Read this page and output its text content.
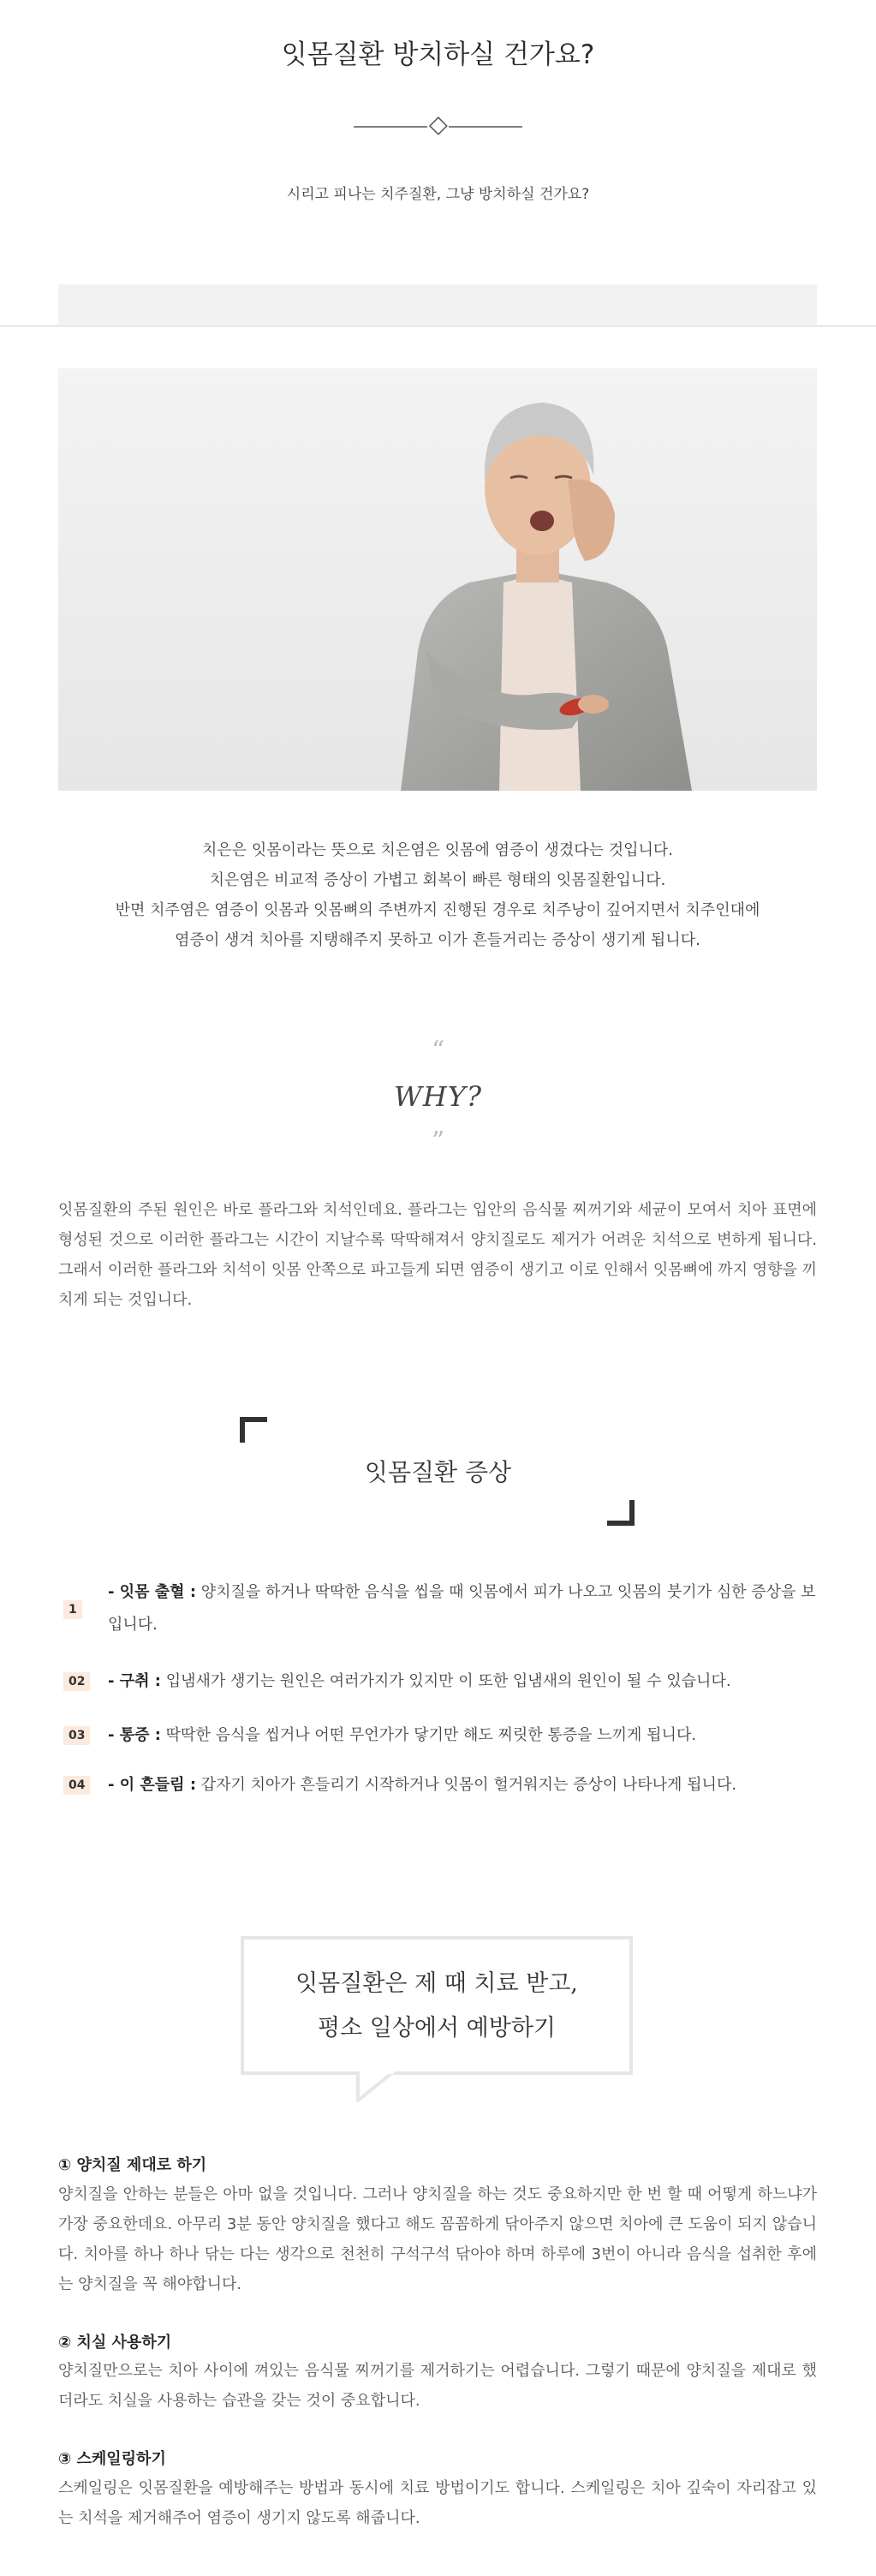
잇몸질환 방치하실 건가요?

시리고 피나는 치주질환, 그냥 방치하실 건가요?

치은은 잇몸이라는 뜻으로 치은염은 잇몸에 염증이 생겼다는 것입니다.

치은염은 비교적 증상이 가볍고 회복이 빠른 형태의 잇몸질환입니다.

반면 치주염은 염증이 잇몸과 잇몸뼈의 주변까지 진행된 경우로 치주낭이 깊어지면서 치주인대에

염증이 생겨 치아를 지탱해주지 못하고 이가 흔들거리는 증상이 생기게 됩니다.

“
WHY?
”

잇몸질환의 주된 원인은 바로 플라그와 치석인데요. 플라그는 입안의 음식물 찌꺼기와 세균이 모여서 치아 표면에 형성된 것으로 이러한 플라그는 시간이 지날수록 딱딱해져서 양치질로도 제거가 어려운 치석으로 변하게 됩니다. 그래서 이러한 플라그와 치석이 잇몸 안쪽으로 파고들게 되면 염증이 생기고 이로 인해서 잇몸뼈에 까지 영향을 끼치게 되는 것입니다.

잇몸질환 증상
1
- 잇몸 출혈 : 양치질을 하거나 딱딱한 음식을 씹을 때 잇몸에서 피가 나오고 잇몸의 붓기가 심한 증상을 보입니다.
02	- 구취 : 입냄새가 생기는 원인은 여러가지가 있지만 이 또한 입냄새의 원인이 될 수 있습니다.
03	- 통증 : 딱딱한 음식을 씹거나 어떤 무언가가 닿기만 해도 찌릿한 통증을 느끼게 됩니다.
04	- 이 흔들림 : 갑자기 치아가 흔들리기 시작하거나 잇몸이 헐거워지는 증상이 나타나게 됩니다.
잇몸질환은 제 때 치료 받고,
평소 일상에서 예방하기
① 양치질 제대로 하기

양치질을 안하는 분들은 아마 없을 것입니다. 그러나 양치질을 하는 것도 중요하지만 한 번 할 때 어떻게 하느냐가 가장 중요한데요. 아무리 3분 동안 양치질을 했다고 해도 꼼꼼하게 닦아주지 않으면 치아에 큰 도움이 되지 않습니다. 치아를 하나 하나 닦는 다는 생각으로 천천히 구석구석 닦아야 하며 하루에 3번이 아니라 음식을 섭취한 후에는 양치질을 꼭 해야합니다.

② 치실 사용하기

양치질만으로는 치아 사이에 껴있는 음식물 찌꺼기를 제거하기는 어렵습니다. 그렇기 때문에 양치질을 제대로 했더라도 치실을 사용하는 습관을 갖는 것이 중요합니다.

③ 스케일링하기

스케일링은 잇몸질환을 예방해주는 방법과 동시에 치료 방법이기도 합니다. 스케일링은 치아 깊숙이 자리잡고 있는 치석을 제거해주어 염증이 생기지 않도록 해줍니다.
